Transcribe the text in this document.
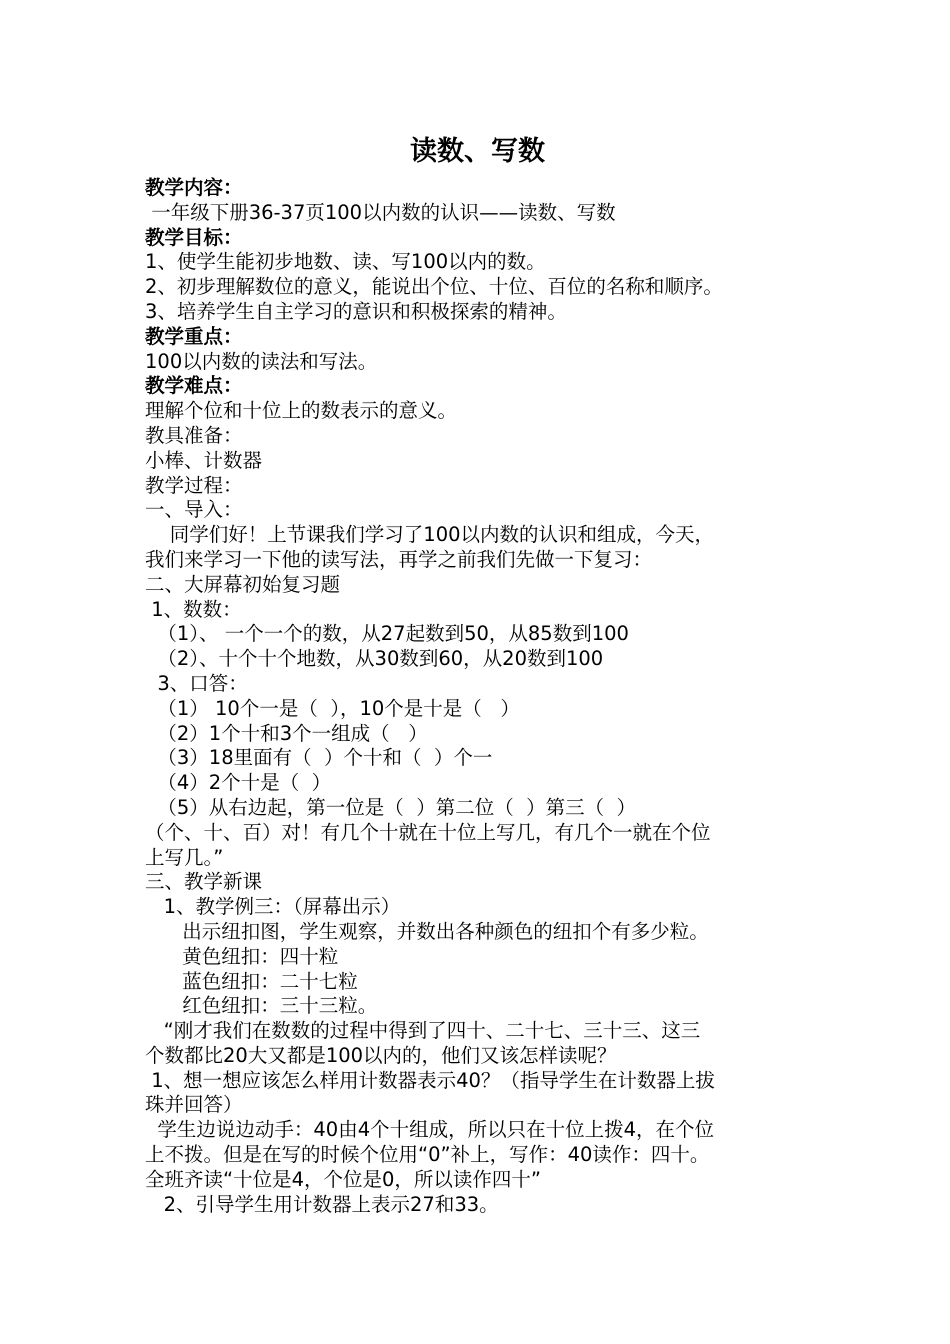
读数、写数
教学内容：
一年级下册36-37页100以内数的认识——读数、写数
教学目标：
1、使学生能初步地数、读、写100以内的数。
2、初步理解数位的意义，能说出个位、十位、百位的名称和顺序。
3、培养学生自主学习的意识和积极探索的精神。
教学重点：
100以内数的读法和写法。
教学难点：
理解个位和十位上的数表示的意义。
教具准备：
小棒、计数器
教学过程：
一、导入：
同学们好！上节课我们学习了100以内数的认识和组成，今天，
我们来学习一下他的读写法，再学之前我们先做一下复习：
二、大屏幕初始复习题
1、数数：
（1）、 一个一个的数，从27起数到50，从85数到100
（2）、十个十个地数，从30数到60，从20数到100
3、口答：
（1） 10个一是（  ），10个是十是（   ）
（2）1个十和3个一组成（   ）
（3）18里面有（  ）个十和（  ）个一
（4）2个十是（  ）
（5）从右边起，第一位是（  ）第二位（  ）第三（  ）
（个、十、百）对！有几个十就在十位上写几，有几个一就在个位
上写几。”
三、教学新课
1、教学例三：（屏幕出示）
出示纽扣图，学生观察，并数出各种颜色的纽扣个有多少粒。
黄色纽扣：四十粒
蓝色纽扣：二十七粒
红色纽扣：三十三粒。
“刚才我们在数数的过程中得到了四十、二十七、三十三、这三
个数都比20大又都是100以内的，他们又该怎样读呢？
1、想一想应该怎么样用计数器表示40？（指导学生在计数器上拔
珠并回答）
学生边说边动手：40由4个十组成，所以只在十位上拨4，在个位
上不拨。但是在写的时候个位用“0”补上，写作：40读作：四十。
全班齐读“十位是4，个位是0，所以读作四十”
2、引导学生用计数器上表示27和33。
